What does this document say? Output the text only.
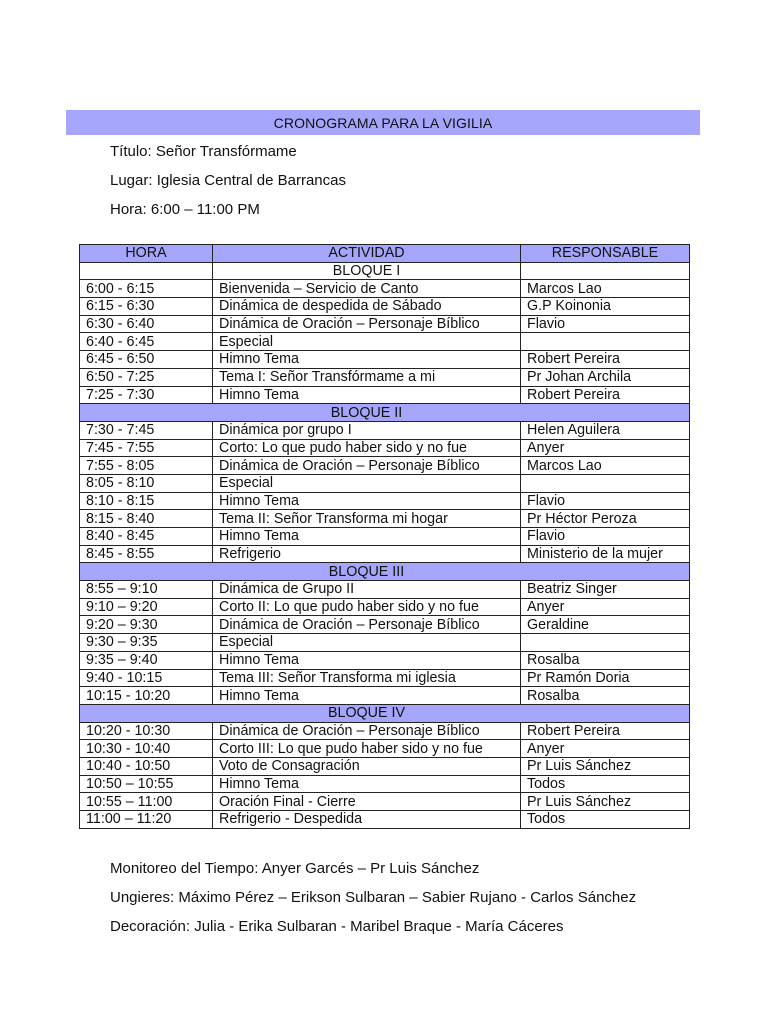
CRONOGRAMA PARA LA VIGILIA
Título: Señor Transfórmame
Lugar: Iglesia Central de Barrancas
Hora: 6:00 – 11:00 PM
HORA	ACTIVIDAD	RESPONSABLE
	BLOQUE I	
6:00 - 6:15	Bienvenida – Servicio de Canto	Marcos Lao
6:15 - 6:30	Dinámica de despedida de Sábado	G.P Koinonia
6:30 - 6:40	Dinámica de Oración – Personaje Bíblico	Flavio
6:40 - 6:45	Especial	
6:45 - 6:50	Himno Tema	Robert Pereira
6:50 - 7:25	Tema I: Señor Transfórmame a mi	Pr Johan Archila
7:25 - 7:30	Himno Tema	Robert Pereira
	BLOQUE II	
7:30 - 7:45	Dinámica por grupo I	Helen Aguilera
7:45 - 7:55	Corto: Lo que pudo haber sido y no fue	Anyer
7:55 - 8:05	Dinámica de Oración – Personaje Bíblico	Marcos Lao
8:05 - 8:10	Especial	
8:10 - 8:15	Himno Tema	Flavio
8:15 - 8:40	Tema II: Señor Transforma mi hogar	Pr Héctor Peroza
8:40 - 8:45	Himno Tema	Flavio
8:45 - 8:55	Refrigerio	Ministerio de la mujer
	BLOQUE III	
8:55 – 9:10	Dinámica de Grupo II	Beatriz Singer
9:10 – 9:20	Corto II: Lo que pudo haber sido y no fue	Anyer
9:20 – 9:30	Dinámica de Oración – Personaje Bíblico	Geraldine
9:30 – 9:35	Especial	
9:35 – 9:40	Himno Tema	Rosalba
9:40 - 10:15	Tema III: Señor Transforma mi iglesia	Pr Ramón Doria
10:15 - 10:20	Himno Tema	Rosalba
	BLOQUE IV	
10:20 - 10:30	Dinámica de Oración – Personaje Bíblico	Robert Pereira
10:30 - 10:40	Corto III: Lo que pudo haber sido y no fue	Anyer
10:40 - 10:50	Voto de Consagración	Pr Luis Sánchez
10:50 – 10:55	Himno Tema	Todos
10:55 – 11:00	Oración Final - Cierre	Pr Luis Sánchez
11:00 – 11:20	Refrigerio - Despedida	Todos
Monitoreo del Tiempo: Anyer Garcés – Pr Luis Sánchez
Ungieres: Máximo Pérez – Erikson Sulbaran – Sabier Rujano - Carlos Sánchez
Decoración: Julia - Erika Sulbaran - Maribel Braque - María Cáceres
